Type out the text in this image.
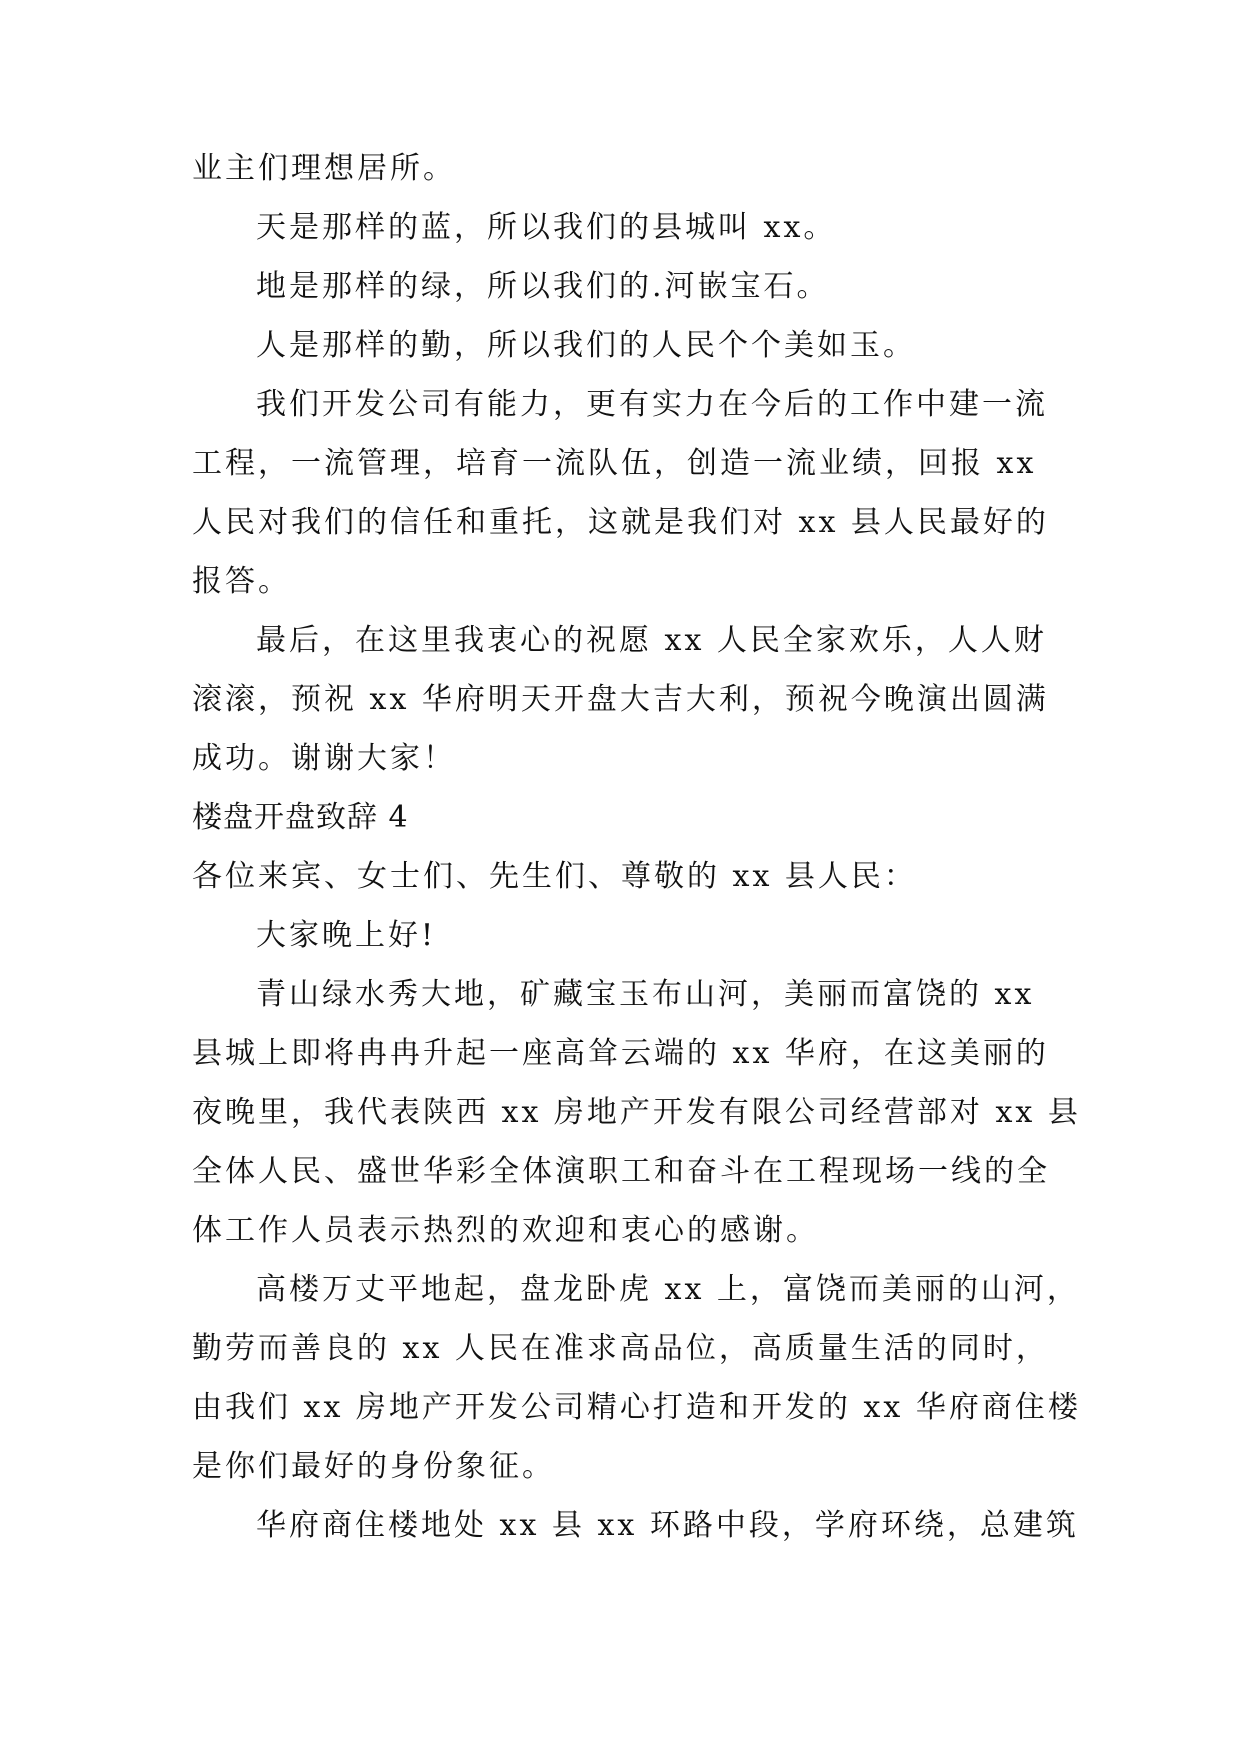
业主们理想居所。
天是那样的蓝，所以我们的县城叫 xx。
地是那样的绿，所以我们的.河嵌宝石。
人是那样的勤，所以我们的人民个个美如玉。
我们开发公司有能力，更有实力在今后的工作中建一流
工程，一流管理，培育一流队伍，创造一流业绩，回报 xx
人民对我们的信任和重托，这就是我们对 xx 县人民最好的
报答。
最后，在这里我衷心的祝愿 xx 人民全家欢乐，人人财
滚滚，预祝 xx 华府明天开盘大吉大利，预祝今晚演出圆满
成功。谢谢大家！
楼盘开盘致辞 4
各位来宾、女士们、先生们、尊敬的 xx 县人民：
大家晚上好!
青山绿水秀大地，矿藏宝玉布山河，美丽而富饶的 xx
县城上即将冉冉升起一座高耸云端的 xx 华府，在这美丽的
夜晚里，我代表陕西 xx 房地产开发有限公司经营部对 xx 县
全体人民、盛世华彩全体演职工和奋斗在工程现场一线的全
体工作人员表示热烈的欢迎和衷心的感谢。
高楼万丈平地起，盘龙卧虎 xx 上，富饶而美丽的山河，
勤劳而善良的 xx 人民在准求高品位，高质量生活的同时，
由我们 xx 房地产开发公司精心打造和开发的 xx 华府商住楼
是你们最好的身份象征。
华府商住楼地处 xx 县 xx 环路中段，学府环绕，总建筑
